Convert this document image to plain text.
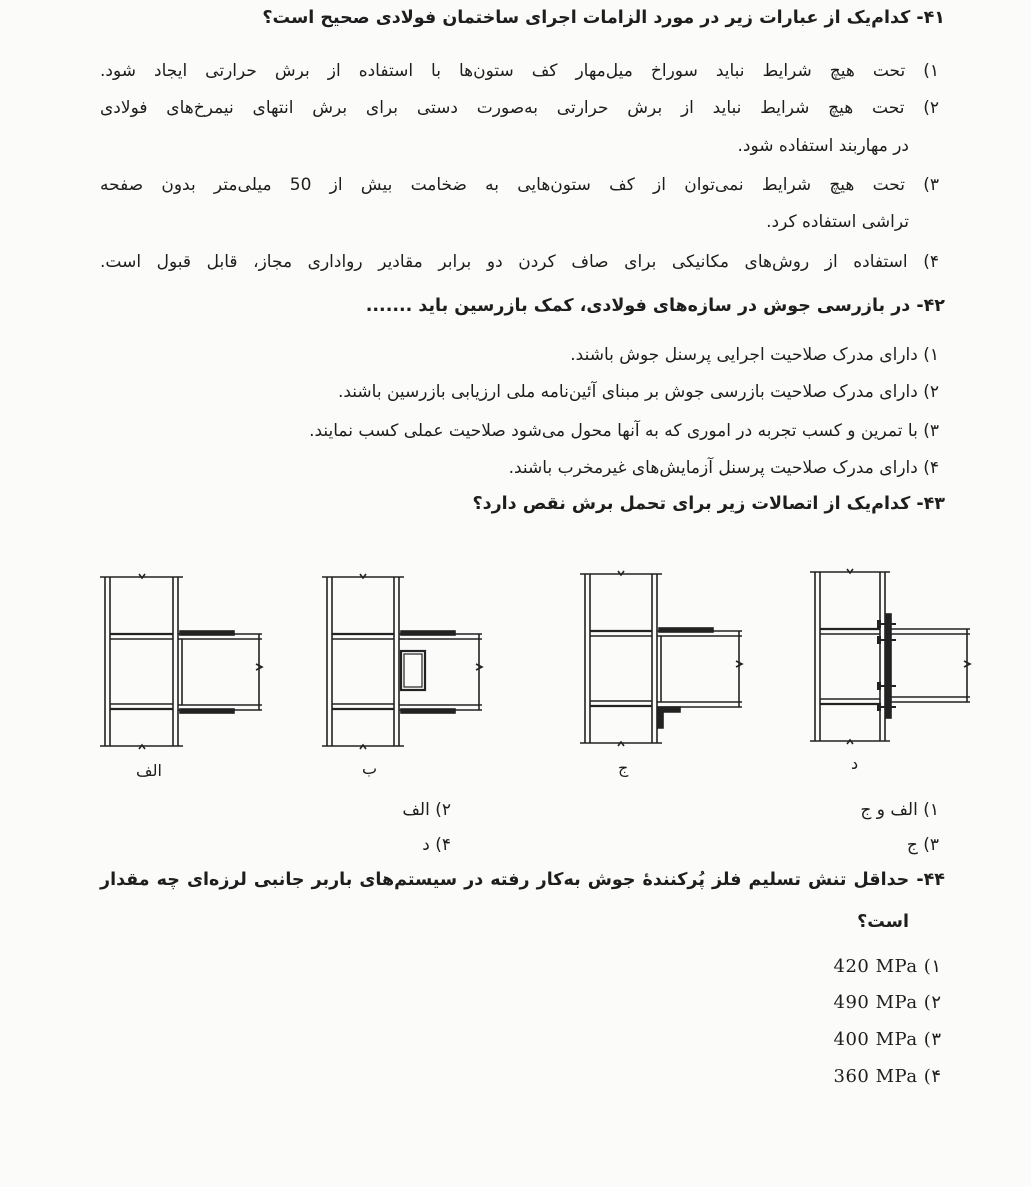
۴۱- کدام‌یک از عبارات زیر در مورد الزامات اجرای ساختمان فولادی صحیح است؟
۱) تحت هیچ شرایط نباید سوراخ میل‌مهار کف ستون‌ها با استفاده از برش حرارتی ایجاد شود.
۲) تحت هیچ شرایط نباید از برش حرارتی به‌صورت دستی برای برش انتهای نیمرخ‌های فولادی
در مهاربند استفاده شود.
۳) تحت هیچ شرایط نمی‌توان از کف ستون‌هایی به ضخامت بیش از 50 میلی‌متر بدون صفحه
تراشی استفاده کرد.
۴) استفاده از روش‌های مکانیکی برای صاف کردن دو برابر مقادیر رواداری مجاز، قابل قبول است.
۴۲- در بازرسی جوش در سازه‌های فولادی، کمک بازرسین باید .......
۱) دارای مدرک صلاحیت اجرایی پرسنل جوش باشند.
۲) دارای مدرک صلاحیت بازرسی جوش بر مبنای آئین‌نامه ملی ارزیابی بازرسین باشند.
۳) با تمرین و کسب تجربه در اموری که به آنها محول می‌شود صلاحیت عملی کسب نمایند.
۴) دارای مدرک صلاحیت پرسنل آزمایش‌های غیرمخرب باشند.
۴۳- کدام‌یک از اتصالات زیر برای تحمل برش نقص دارد؟
الف	ب	ج	د
۱) الف و ج
۲) الف
۳) ج
۴) د
۴۴- حداقل تنش تسلیم فلز پُرکنندهٔ جوش به‌کار رفته در سیستم‌های باربر جانبی لرزه‌ای چه مقدار
است؟
420 MPa (۱
490 MPa (۲
400 MPa (۳
360 MPa (۴
